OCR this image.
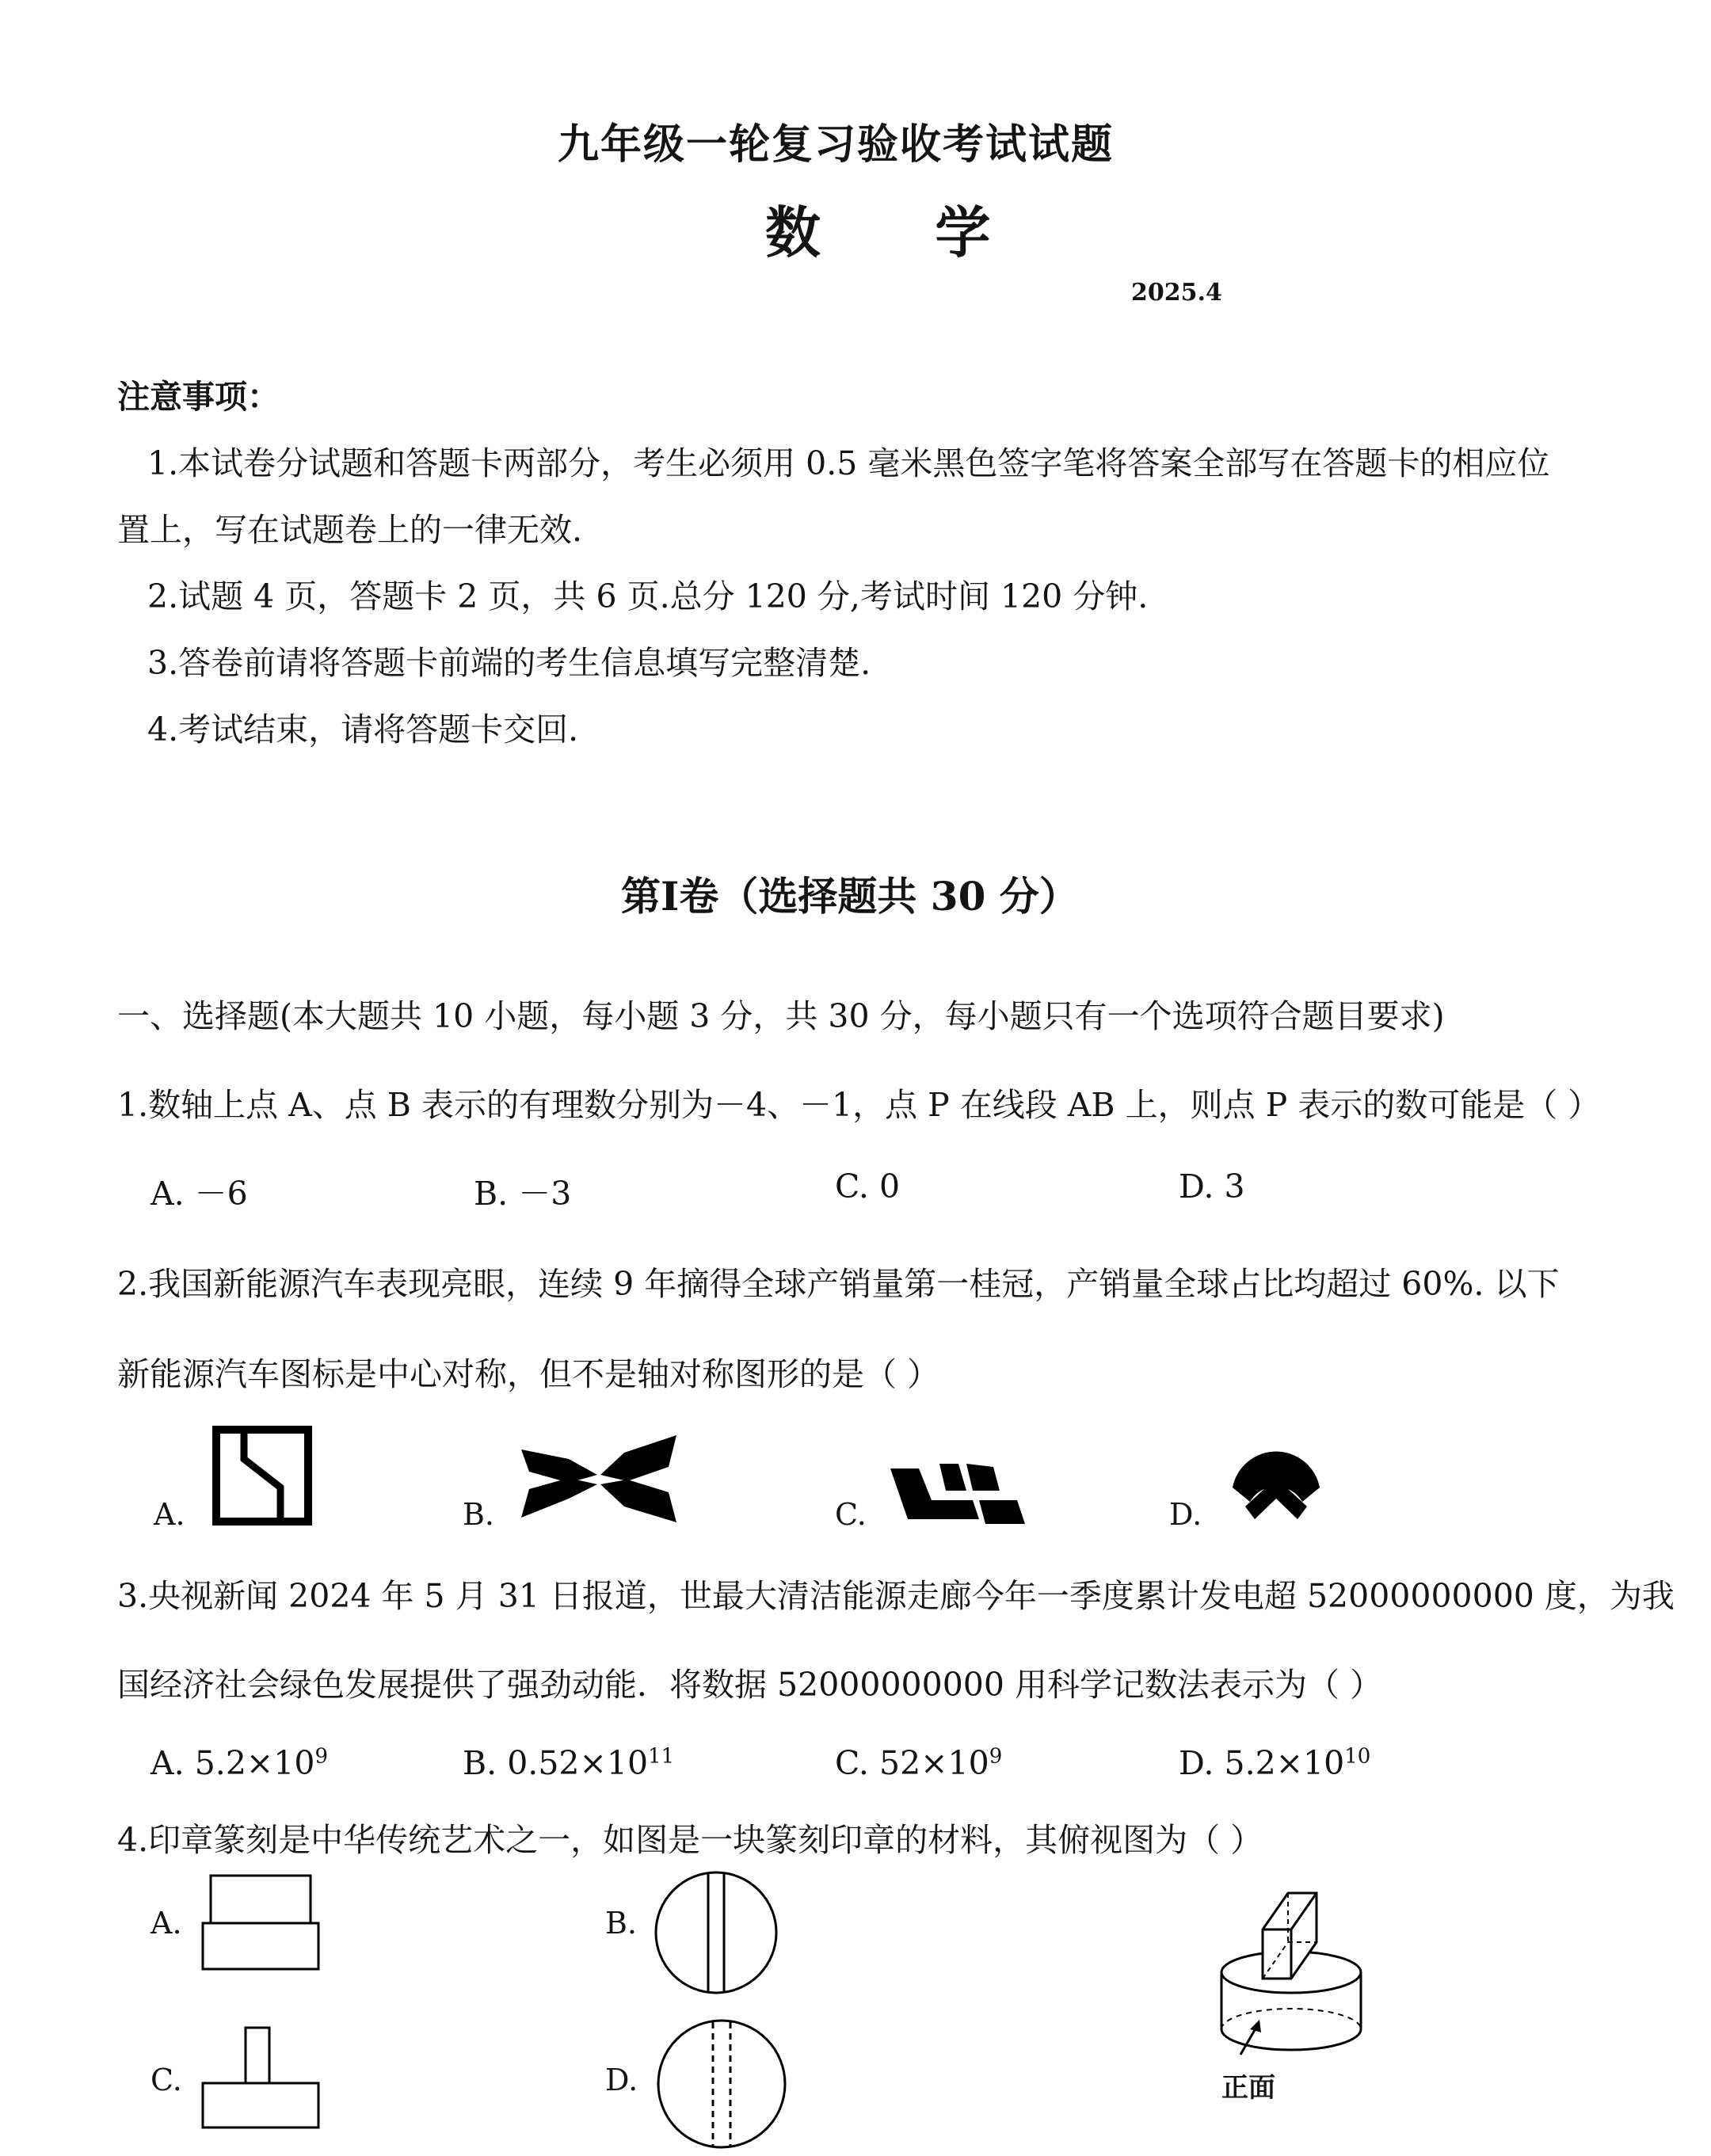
九年级一轮复习验收考试试题
数 学
2025.4
注意事项：
1.本试卷分试题和答题卡两部分，考生必须用 0.5 毫米黑色签字笔将答案全部写在答题卡的相应位
置上，写在试题卷上的一律无效.
2.试题 4 页，答题卡 2 页，共 6 页.总分 120 分,考试时间 120 分钟.
3.答卷前请将答题卡前端的考生信息填写完整清楚.
4.考试结束，请将答题卡交回.
第Ⅰ卷（选择题共 30 分）
一、选择题(本大题共 10 小题，每小题 3 分，共 30 分，每小题只有一个选项符合题目要求)
1.数轴上点 A、点 B 表示的有理数分别为－4、－1，点 P 在线段 AB 上，则点 P 表示的数可能是（ ）
A. －6	B. －3	C. 0	D. 3
2.我国新能源汽车表现亮眼，连续 9 年摘得全球产销量第一桂冠，产销量全球占比均超过 60%. 以下
新能源汽车图标是中心对称，但不是轴对称图形的是（ ）
A.	B.	C.	D.
3.央视新闻 2024 年 5 月 31 日报道，世最大清洁能源走廊今年一季度累计发电超 52000000000 度，为我
国经济社会绿色发展提供了强劲动能．将数据 52000000000 用科学记数法表示为（ ）
A. $5.2\times 10^9$	B. $0.52\times 10^{11}$	C. $52\times 10^9$	D. $5.2\times 10^{10}$
4.印章篆刻是中华传统艺术之一，如图是一块篆刻印章的材料，其俯视图为（ ）
A.	B.
C.	D.	正面
